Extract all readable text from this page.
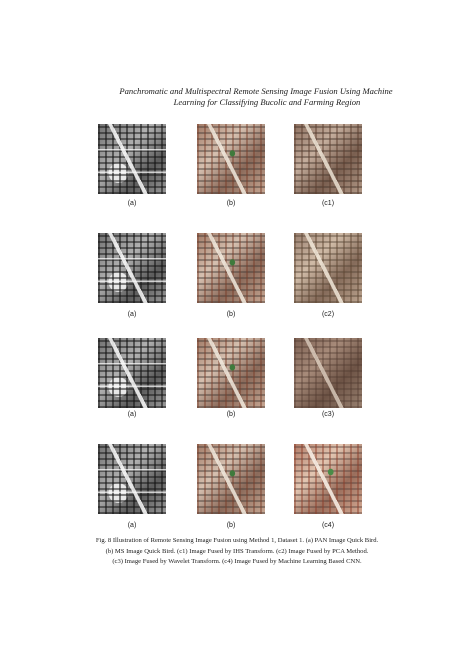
Panchromatic and Multispectral Remote Sensing Image Fusion Using Machine
Learning for Classifying Bucolic and Farming Region
(a)	(b)	(c1)
(a)	(b)	(c2)
(a)	(b)	(c3)
(a)	(b)	(c4)
Fig. 8 Illustration of Remote Sensing Image Fusion using Method 1, Dataset 1. (a) PAN Image Quick Bird.
(b) MS Image Quick Bird. (c1) Image Fused by IHS Transform. (c2) Image Fused by PCA Method.
(c3) Image Fused by Wavelet Transform. (c4) Image Fused by Machine Learning Based CNN.
